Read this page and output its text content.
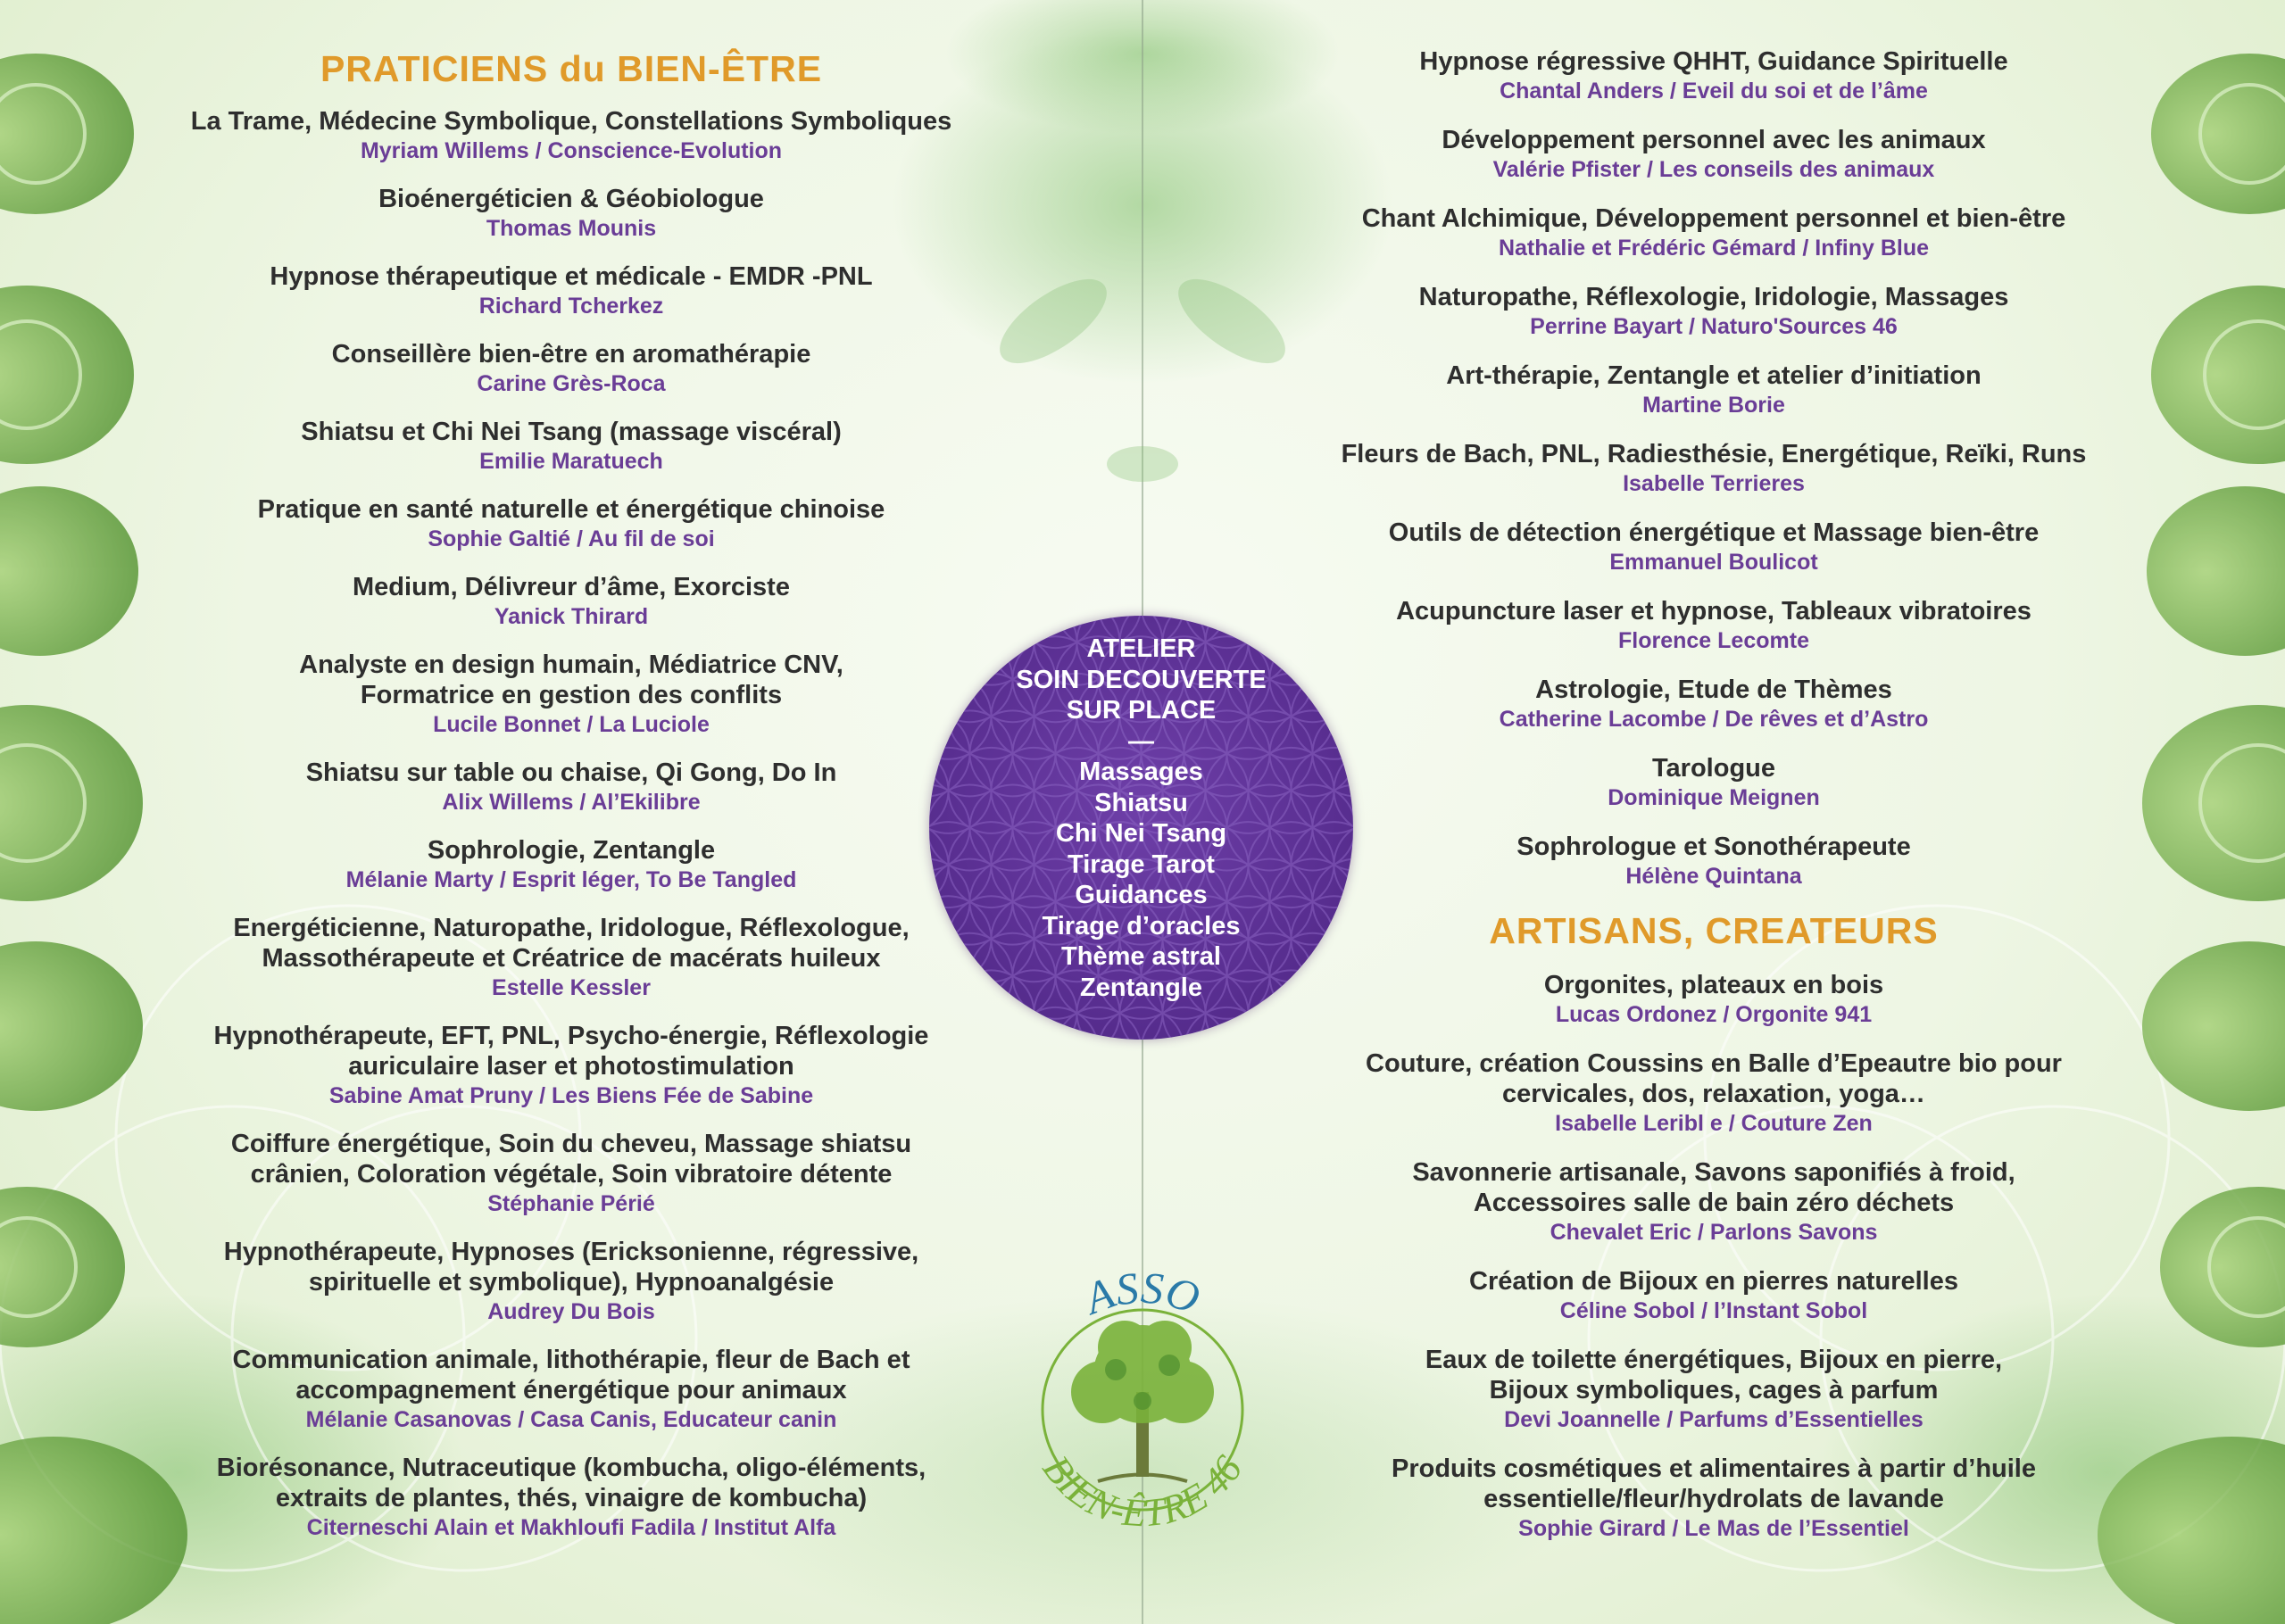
PRATICIENS du BIEN-ÊTRE
La Trame, Médecine Symbolique, Constellations Symboliques
Myriam Willems / Conscience-Evolution
Bioénergéticien & Géobiologue
Thomas Mounis
Hypnose thérapeutique et médicale - EMDR -PNL
Richard Tcherkez
Conseillère bien-être en aromathérapie
Carine Grès-Roca
Shiatsu et Chi Nei Tsang (massage viscéral)
Emilie Maratuech
Pratique en santé naturelle et énergétique chinoise
Sophie Galtié / Au fil de soi
Medium, Délivreur d’âme, Exorciste
Yanick Thirard
Analyste en design humain, Médiatrice CNV,
Formatrice en gestion des conflits
Lucile Bonnet / La Luciole
Shiatsu sur table ou chaise, Qi Gong, Do In
Alix Willems / Al’Ekilibre
Sophrologie, Zentangle
Mélanie Marty / Esprit léger, To Be Tangled
Energéticienne, Naturopathe, Iridologue, Réflexologue,
Massothérapeute et Créatrice de macérats huileux
Estelle Kessler
Hypnothérapeute, EFT, PNL, Psycho-énergie, Réflexologie
auriculaire laser et photostimulation
Sabine Amat Pruny / Les Biens Fée de Sabine
Coiffure énergétique, Soin du cheveu, Massage shiatsu
crânien, Coloration végétale, Soin vibratoire détente
Stéphanie Périé
Hypnothérapeute, Hypnoses (Ericksonienne, régressive,
spirituelle et symbolique), Hypnoanalgésie
Audrey Du Bois
Communication animale, lithothérapie, fleur de Bach et
accompagnement énergétique pour animaux
Mélanie Casanovas / Casa Canis, Educateur canin
Biorésonance, Nutraceutique (kombucha, oligo-éléments,
extraits de plantes, thés, vinaigre de kombucha)
Citerneschi Alain et Makhloufi Fadila / Institut Alfa
Hypnose régressive QHHT, Guidance Spirituelle
Chantal Anders / Eveil du soi et de l’âme
Développement personnel avec les animaux
Valérie Pfister / Les conseils des animaux
Chant Alchimique, Développement personnel et bien-être
Nathalie et Frédéric Gémard / Infiny Blue
Naturopathe, Réflexologie, Iridologie, Massages
Perrine Bayart / Naturo'Sources 46
Art-thérapie, Zentangle et atelier d’initiation
Martine Borie
Fleurs de Bach, PNL, Radiesthésie, Energétique, Reïki, Runs
Isabelle Terrieres
Outils de détection énergétique et Massage bien-être
Emmanuel Boulicot
Acupuncture laser et hypnose, Tableaux vibratoires
Florence Lecomte
Astrologie, Etude de Thèmes
Catherine Lacombe / De rêves et d’Astro
Tarologue
Dominique Meignen
Sophrologue et Sonothérapeute
Hélène Quintana
ARTISANS, CREATEURS
Orgonites, plateaux en bois
Lucas Ordonez / Orgonite 941
Couture, création Coussins en Balle d’Epeautre bio pour
cervicales, dos, relaxation, yoga…
Isabelle Leribl e / Couture Zen
Savonnerie artisanale, Savons saponifiés à froid,
Accessoires salle de bain zéro déchets
Chevalet Eric / Parlons Savons
Création de Bijoux en pierres naturelles
Céline Sobol / l’Instant Sobol
Eaux de toilette énergétiques, Bijoux en pierre,
Bijoux symboliques, cages à parfum
Devi Joannelle / Parfums d’Essentielles
Produits cosmétiques et alimentaires à partir d’huile
essentielle/fleur/hydrolats de lavande
Sophie Girard / Le Mas de l’Essentiel
ATELIER
SOIN DECOUVERTE
SUR PLACE
—
Massages
Shiatsu
Chi Nei Tsang
Tirage Tarot
Guidances
Tirage d’oracles
Thème astral
Zentangle
ASSO
BIEN-ÊTRE 46
